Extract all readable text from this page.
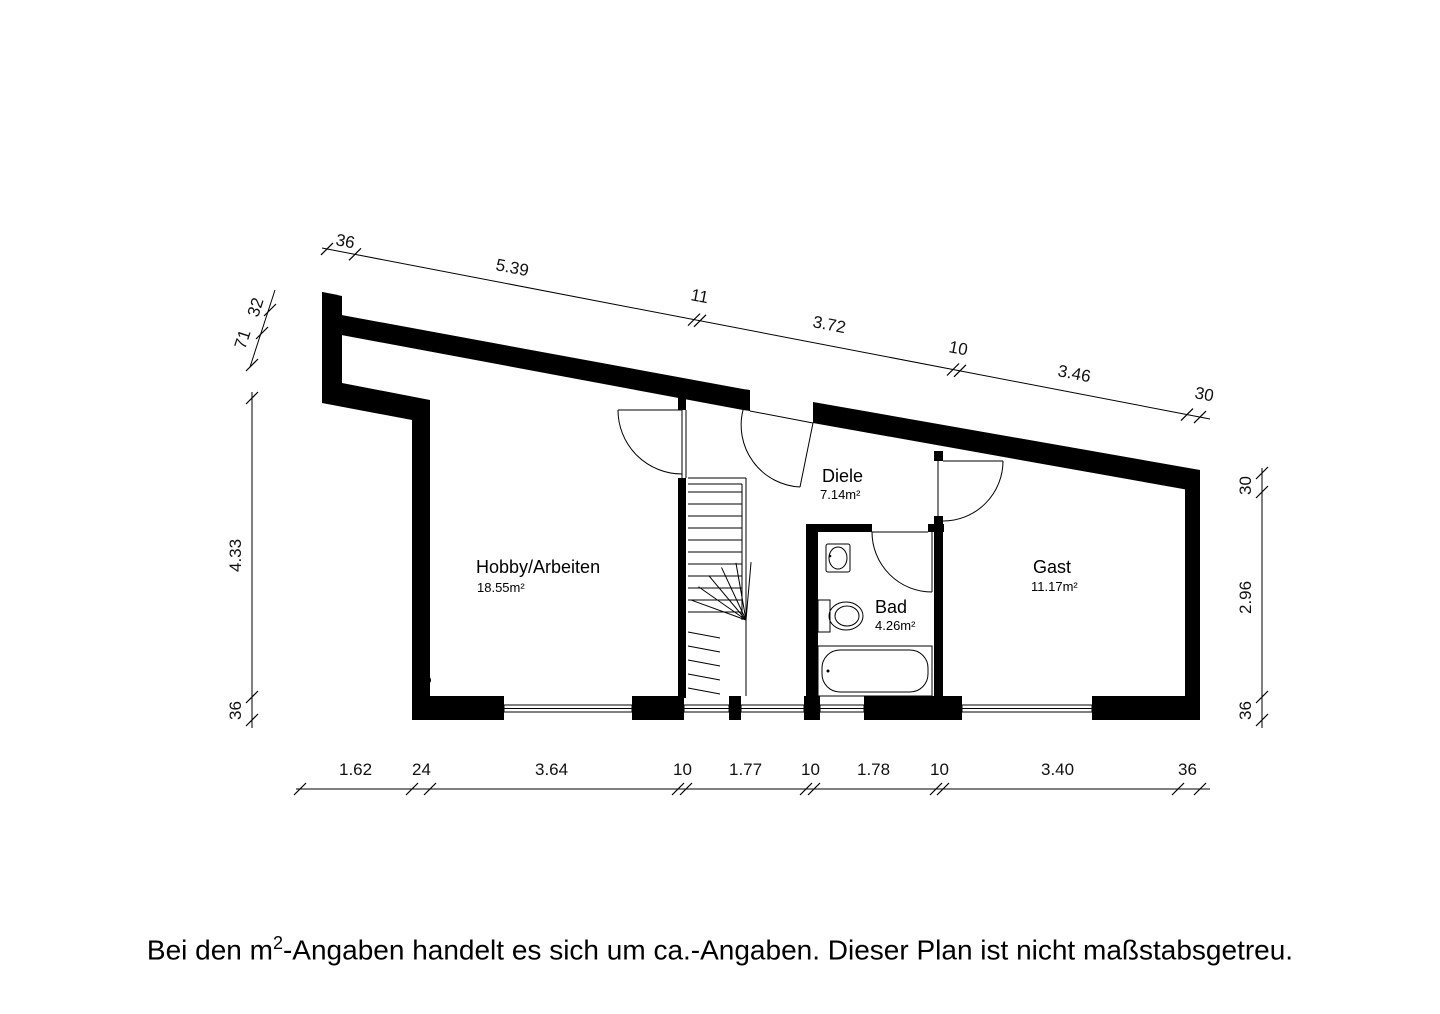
36
5.39
11
3.72
10
3.46
30
1.62 24	3.64	10 1.77 10 1.78 10	3.40	36
71
32
4.33
36
30
2.96
36
Hobby/Arbeiten
18.55m²
Diele
7.14m²
Bad
4.26m²
Gast
11.17m²
www.grundriss.com
Bei den $m^2$-Angaben handelt es sich um ca.-Angaben. Dieser Plan ist nicht maßstabsgetreu.
